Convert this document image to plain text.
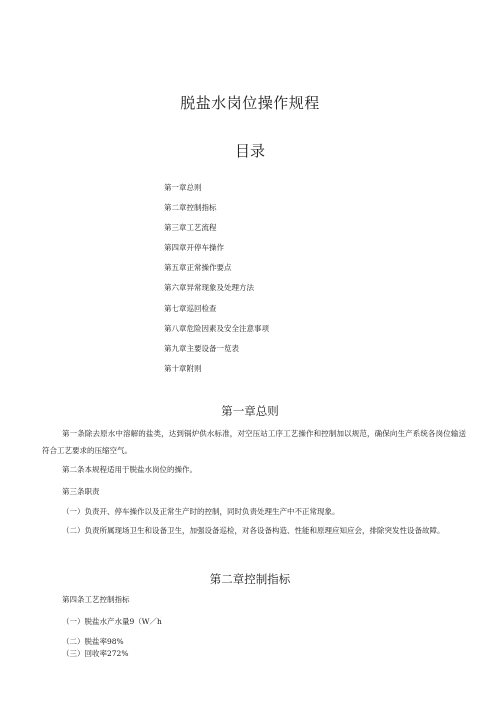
脱盐水岗位操作规程
目录
第一章总则
第二章控制指标
第三章工艺流程
第四章开停车操作
第五章正常操作要点
第六章异常现象及处理方法
第七章巡回检查
第八章危险因素及安全注意事项
第九章主要设备一览表
第十章附则
第一章总则

第一条除去原水中溶解的盐类，达到锅炉供水标准，对空压站工序工艺操作和控制加以规范，确保向生产系统各岗位输送符合工艺要求的压缩空气。

第二条本规程适用于脱盐水岗位的操作。
第三条职责
（一）负责开、停车操作以及正常生产时的控制，同时负责处理生产中不正常现象。

（二）负责所属现场卫生和设备卫生，加强设备巡检，对各设备构造、性能和原理应知应会，排除突发性设备故障。

第二章控制指标
第四条工艺控制指标
（一）脱盐水产水量9（W／h
（二）脱盐率98%
（三）回收率272%
